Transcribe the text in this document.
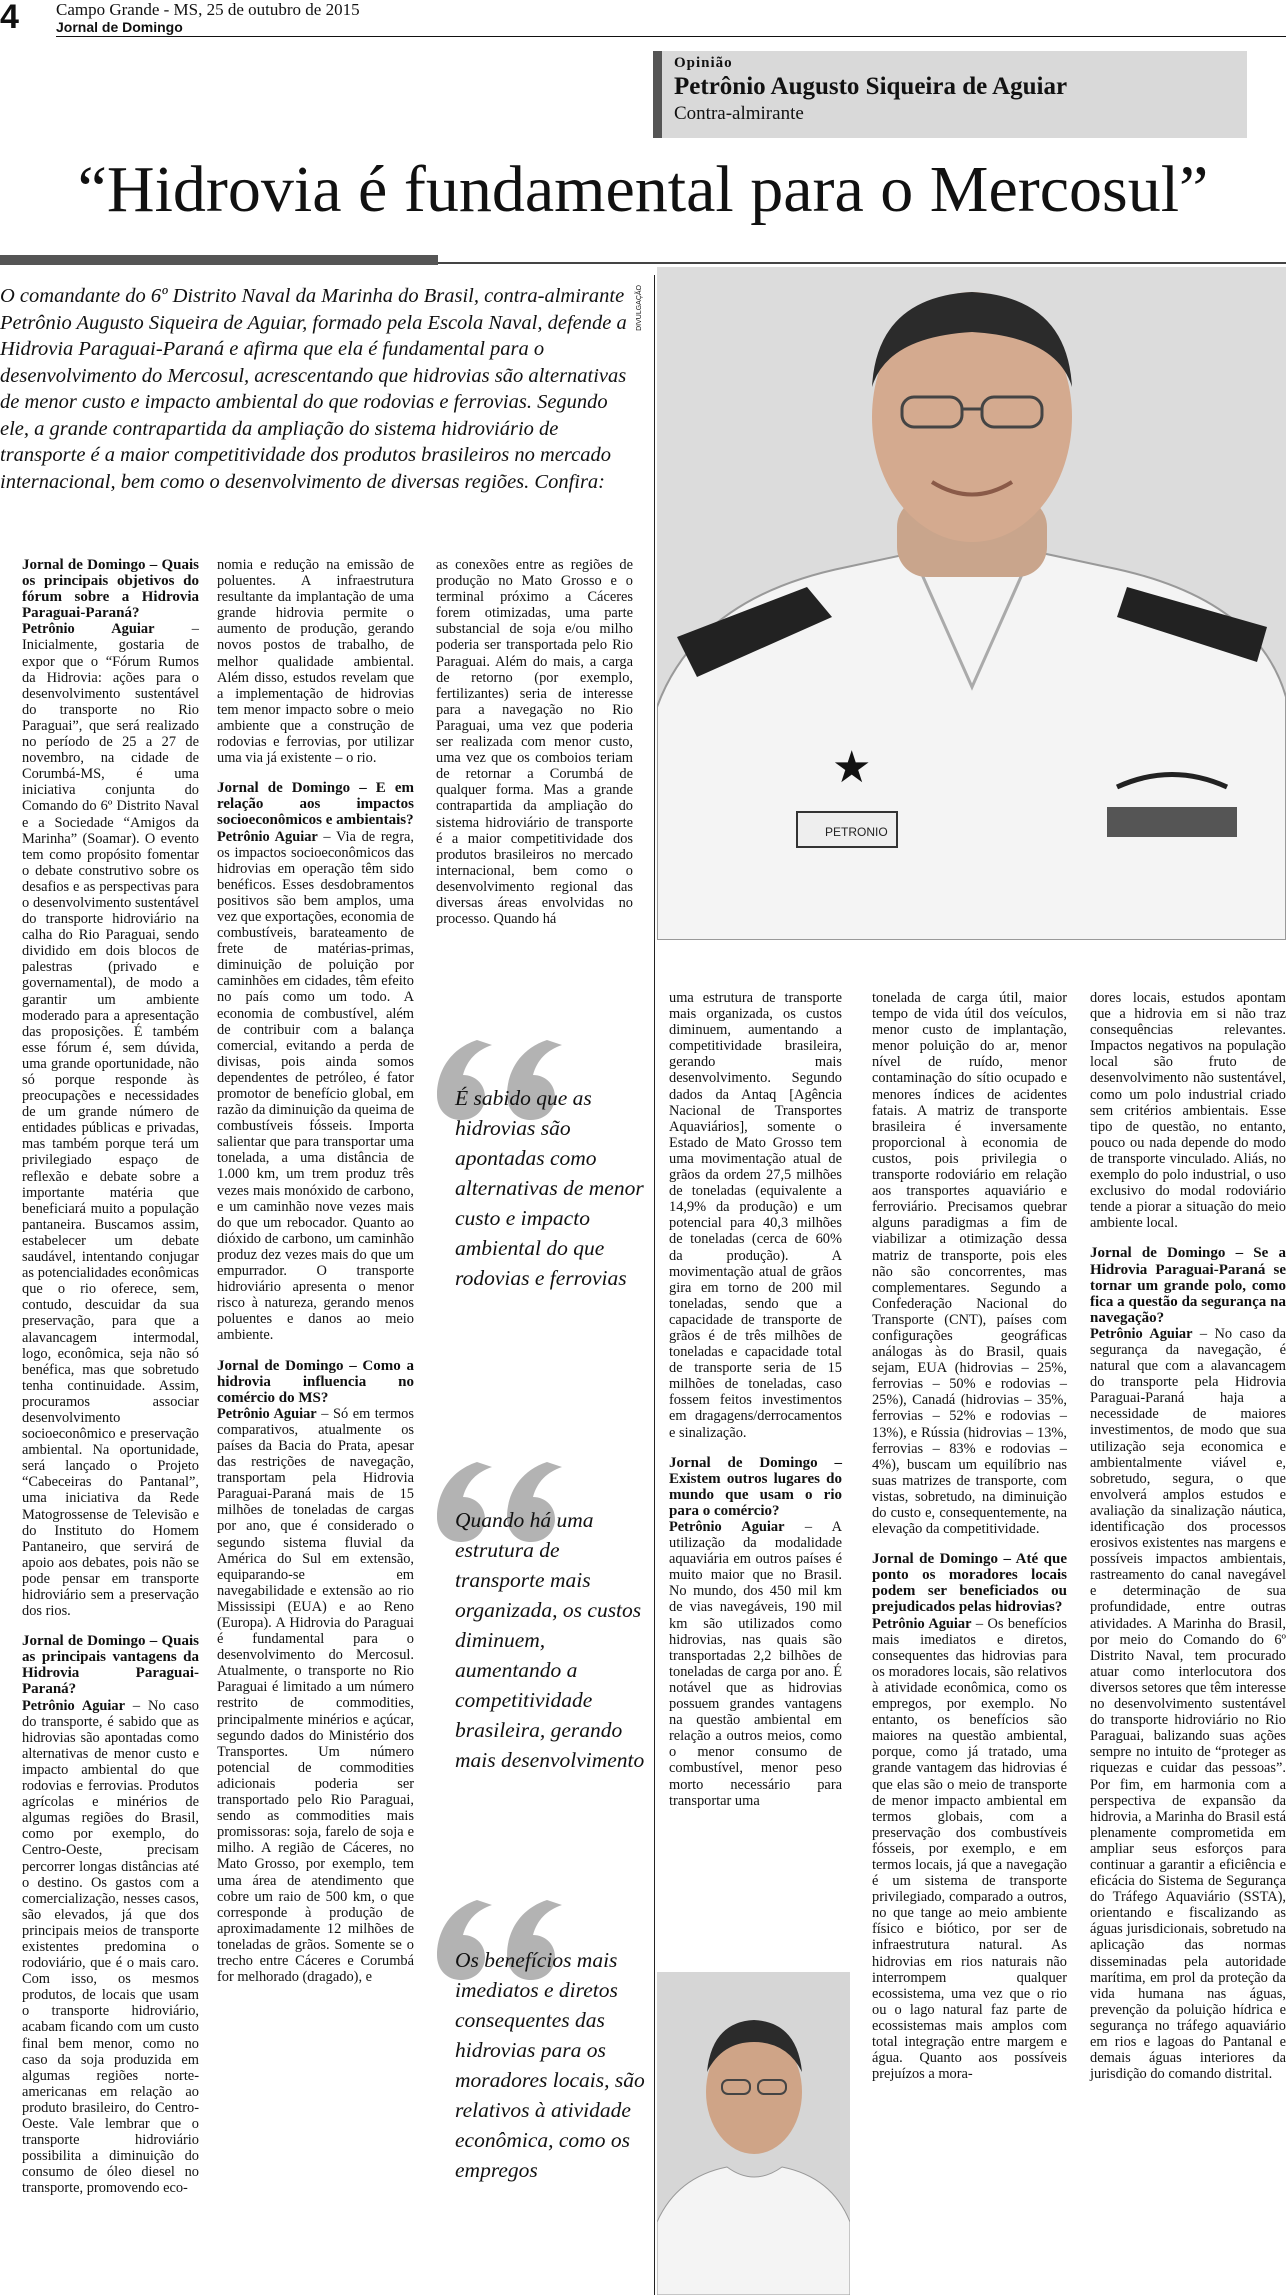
4 Campo Grande - MS, 25 de outubro de 2015
Jornal de Domingo
Opinião
Petrônio Augusto Siqueira de Aguiar
Contra-almirante
“Hidrovia é fundamental para o Mercosul”
O comandante do 6º Distrito Naval da Marinha do Brasil, contra-almirante Petrônio Augusto Siqueira de Aguiar, formado pela Escola Naval, defende a Hidrovia Paraguai-Paraná e afirma que ela é fundamental para o desenvolvimento do Mercosul, acrescentando que hidrovias são alternativas de menor custo e impacto ambiental do que rodovias e ferrovias. Segundo ele, a grande contrapartida da ampliação do sistema hidroviário de transporte é a maior competitividade dos produtos brasileiros no mercado internacional, bem como o desenvolvimento de diversas regiões. Confira:
DIVULGAÇÃO
★
PETRONIO

Jornal de Domingo – Quais os principais objetivos do fórum sobre a Hidrovia Paraguai-Paraná?

Petrônio Aguiar – Inicialmente, gostaria de expor que o “Fórum Rumos da Hidrovia: ações para o desenvolvimento sustentável do transporte no Rio Paraguai”, que será realizado no período de 25 a 27 de novembro, na cidade de Corumbá-MS, é uma iniciativa conjunta do Comando do 6º Distrito Naval e a Sociedade “Amigos da Marinha” (Soamar). O evento tem como propósito fomentar o debate construtivo sobre os desafios e as perspectivas para o desenvolvimento sustentável do transporte hidroviário na calha do Rio Paraguai, sendo dividido em dois blocos de palestras (privado e governamental), de modo a garantir um ambiente moderado para a apresentação das proposições. É também esse fórum é, sem dúvida, uma grande oportunidade, não só porque responde às preocupações e necessidades de um grande número de entidades públicas e privadas, mas também porque terá um privilegiado espaço de reflexão e debate sobre a importante matéria que beneficiará muito a população pantaneira. Buscamos assim, estabelecer um debate saudável, intentando conjugar as potencialidades econômicas que o rio oferece, sem, contudo, descuidar da sua preservação, para que a alavancagem intermodal, logo, econômica, seja não só benéfica, mas que sobretudo tenha continuidade. Assim, procuramos associar desenvolvimento socioeconômico e preservação ambiental. Na oportunidade, será lançado o Projeto “Cabeceiras do Pantanal”, uma iniciativa da Rede Matogrossense de Televisão e do Instituto do Homem Pantaneiro, que servirá de apoio aos debates, pois não se pode pensar em transporte hidroviário sem a preservação dos rios.

Jornal de Domingo – Quais as principais vantagens da Hidrovia Paraguai-Paraná?

Petrônio Aguiar – No caso do transporte, é sabido que as hidrovias são apontadas como alternativas de menor custo e impacto ambiental do que rodovias e ferrovias. Produtos agrícolas e minérios de algumas regiões do Brasil, como por exemplo, do Centro-Oeste, precisam percorrer longas distâncias até o destino. Os gastos com a comercialização, nesses casos, são elevados, já que dos principais meios de transporte existentes predomina o rodoviário, que é o mais caro. Com isso, os mesmos produtos, de locais que usam o transporte hidroviário, acabam ficando com um custo final bem menor, como no caso da soja produzida em algumas regiões norte-americanas em relação ao produto brasileiro, do Centro-Oeste. Vale lembrar que o transporte hidroviário possibilita a diminuição do consumo de óleo diesel no transporte, promovendo eco-

nomia e redução na emissão de poluentes. A infraestrutura resultante da implantação de uma grande hidrovia permite o aumento de produção, gerando novos postos de trabalho, de melhor qualidade ambiental. Além disso, estudos revelam que a implementação de hidrovias tem menor impacto sobre o meio ambiente que a construção de rodovias e ferrovias, por utilizar uma via já existente – o rio.

Jornal de Domingo – E em relação aos impactos socioeconômicos e ambientais?

Petrônio Aguiar – Via de regra, os impactos socioeconômicos das hidrovias em operação têm sido benéficos. Esses desdobramentos positivos são bem amplos, uma vez que exportações, economia de combustíveis, barateamento de frete de matérias-primas, diminuição de poluição por caminhões em cidades, têm efeito no país como um todo. A economia de combustível, além de contribuir com a balança comercial, evitando a perda de divisas, pois ainda somos dependentes de petróleo, é fator promotor de benefício global, em razão da diminuição da queima de combustíveis fósseis. Importa salientar que para transportar uma tonelada, a uma distância de 1.000 km, um trem produz três vezes mais monóxido de carbono, e um caminhão nove vezes mais do que um rebocador. Quanto ao dióxido de carbono, um caminhão produz dez vezes mais do que um empurrador. O transporte hidroviário apresenta o menor risco à natureza, gerando menos poluentes e danos ao meio ambiente.

Jornal de Domingo – Como a hidrovia influencia no comércio do MS?

Petrônio Aguiar – Só em termos comparativos, atualmente os países da Bacia do Prata, apesar das restrições de navegação, transportam pela Hidrovia Paraguai-Paraná mais de 15 milhões de toneladas de cargas por ano, que é considerado o segundo sistema fluvial da América do Sul em extensão, equiparando-se em navegabilidade e extensão ao rio Mississipi (EUA) e ao Reno (Europa). A Hidrovia do Paraguai é fundamental para o desenvolvimento do Mercosul. Atualmente, o transporte no Rio Paraguai é limitado a um número restrito de commodities, principalmente minérios e açúcar, segundo dados do Ministério dos Transportes. Um número potencial de commodities adicionais poderia ser transportado pelo Rio Paraguai, sendo as commodities mais promissoras: soja, farelo de soja e milho. A região de Cáceres, no Mato Grosso, por exemplo, tem uma área de atendimento que cobre um raio de 500 km, o que corresponde à produção de aproximadamente 12 milhões de toneladas de grãos. Somente se o trecho entre Cáceres e Corumbá for melhorado (dragado), e

as conexões entre as regiões de produção no Mato Grosso e o terminal próximo a Cáceres forem otimizadas, uma parte substancial de soja e/ou milho poderia ser transportada pelo Rio Paraguai. Além do mais, a carga de retorno (por exemplo, fertilizantes) seria de interesse para a navegação no Rio Paraguai, uma vez que poderia ser realizada com menor custo, uma vez que os comboios teriam de retornar a Corumbá de qualquer forma. Mas a grande contrapartida da ampliação do sistema hidroviário de transporte é a maior competitividade dos produtos brasileiros no mercado internacional, bem como o desenvolvimento regional das diversas áreas envolvidas no processo. Quando há

uma estrutura de transporte mais organizada, os custos diminuem, aumentando a competitividade brasileira, gerando mais desenvolvimento. Segundo dados da Antaq [Agência Nacional de Transportes Aquaviários], somente o Estado de Mato Grosso tem uma movimentação atual de grãos da ordem 27,5 milhões de toneladas (equivalente a 14,9% da produção) e um potencial para 40,3 milhões de toneladas (cerca de 60% da produção). A movimentação atual de grãos gira em torno de 200 mil toneladas, sendo que a capacidade de transporte de grãos é de três milhões de toneladas e capacidade total de transporte seria de 15 milhões de toneladas, caso fossem feitos investimentos em dragagens/derrocamentos e sinalização.

Jornal de Domingo – Existem outros lugares do mundo que usam o rio para o comércio?

Petrônio Aguiar – A utilização da modalidade aquaviária em outros países é muito maior que no Brasil. No mundo, dos 450 mil km de vias navegáveis, 190 mil km são utilizados como hidrovias, nas quais são transportadas 2,2 bilhões de toneladas de carga por ano. É notável que as hidrovias possuem grandes vantagens na questão ambiental em relação a outros meios, como o menor consumo de combustível, menor peso morto necessário para transportar uma

tonelada de carga útil, maior tempo de vida útil dos veículos, menor custo de implantação, menor poluição do ar, menor nível de ruído, menor contaminação do sítio ocupado e menores índices de acidentes fatais. A matriz de transporte brasileira é inversamente proporcional à economia de custos, pois privilegia o transporte rodoviário em relação aos transportes aquaviário e ferroviário. Precisamos quebrar alguns paradigmas a fim de viabilizar a otimização dessa matriz de transporte, pois eles não são concorrentes, mas complementares. Segundo a Confederação Nacional do Transporte (CNT), países com configurações geográficas análogas às do Brasil, quais sejam, EUA (hidrovias – 25%, ferrovias – 50% e rodovias – 25%), Canadá (hidrovias – 35%, ferrovias – 52% e rodovias – 13%), e Rússia (hidrovias – 13%, ferrovias – 83% e rodovias – 4%), buscam um equilíbrio nas suas matrizes de transporte, com vistas, sobretudo, na diminuição do custo e, consequentemente, na elevação da competitividade.

Jornal de Domingo – Até que ponto os moradores locais podem ser beneficiados ou prejudicados pelas hidrovias?

Petrônio Aguiar – Os benefícios mais imediatos e diretos, consequentes das hidrovias para os moradores locais, são relativos à atividade econômica, como os empregos, por exemplo. No entanto, os benefícios são maiores na questão ambiental, porque, como já tratado, uma grande vantagem das hidrovias é que elas são o meio de transporte de menor impacto ambiental em termos globais, com a preservação dos combustíveis fósseis, por exemplo, e em termos locais, já que a navegação é um sistema de transporte privilegiado, comparado a outros, no que tange ao meio ambiente físico e biótico, por ser de infraestrutura natural. As hidrovias em rios naturais não interrompem qualquer ecossistema, uma vez que o rio ou o lago natural faz parte de ecossistemas mais amplos com total integração entre margem e água. Quanto aos possíveis prejuízos a mora-

dores locais, estudos apontam que a hidrovia em si não traz consequências relevantes. Impactos negativos na população local são fruto de desenvolvimento não sustentável, como um polo industrial criado sem critérios ambientais. Esse tipo de questão, no entanto, pouco ou nada depende do modo de transporte vinculado. Aliás, no exemplo do polo industrial, o uso exclusivo do modal rodoviário tende a piorar a situação do meio ambiente local.

Jornal de Domingo – Se a Hidrovia Paraguai-Paraná se tornar um grande polo, como fica a questão da segurança na navegação?

Petrônio Aguiar – No caso da segurança da navegação, é natural que com a alavancagem do transporte pela Hidrovia Paraguai-Paraná haja a necessidade de maiores investimentos, de modo que sua utilização seja economica e ambientalmente viável e, sobretudo, segura, o que envolverá amplos estudos e avaliação da sinalização náutica, identificação dos processos erosivos existentes nas margens e possíveis impactos ambientais, rastreamento do canal navegável e determinação de sua profundidade, entre outras atividades. A Marinha do Brasil, por meio do Comando do 6º Distrito Naval, tem procurado atuar como interlocutora dos diversos setores que têm interesse no desenvolvimento sustentável do transporte hidroviário no Rio Paraguai, balizando suas ações sempre no intuito de “proteger as riquezas e cuidar das pessoas”. Por fim, em harmonia com a perspectiva de expansão da hidrovia, a Marinha do Brasil está plenamente comprometida em ampliar seus esforços para continuar a garantir a eficiência e eficácia do Sistema de Segurança do Tráfego Aquaviário (SSTA), orientando e fiscalizando as águas jurisdicionais, sobretudo na aplicação das normas disseminadas pela autoridade marítima, em prol da proteção da vida humana nas águas, prevenção da poluição hídrica e segurança no tráfego aquaviário em rios e lagoas do Pantanal e demais águas interiores da jurisdição do comando distrital.

É sabido que as hidrovias são apontadas como alternativas de menor custo e impacto ambiental do que rodovias e ferrovias
Quando há uma estrutura de transporte mais organizada, os custos diminuem, aumentando a competitividade brasileira, gerando mais desenvolvimento
Os benefícios mais imediatos e diretos consequentes das hidrovias para os moradores locais, são relativos à atividade econômica, como os empregos
